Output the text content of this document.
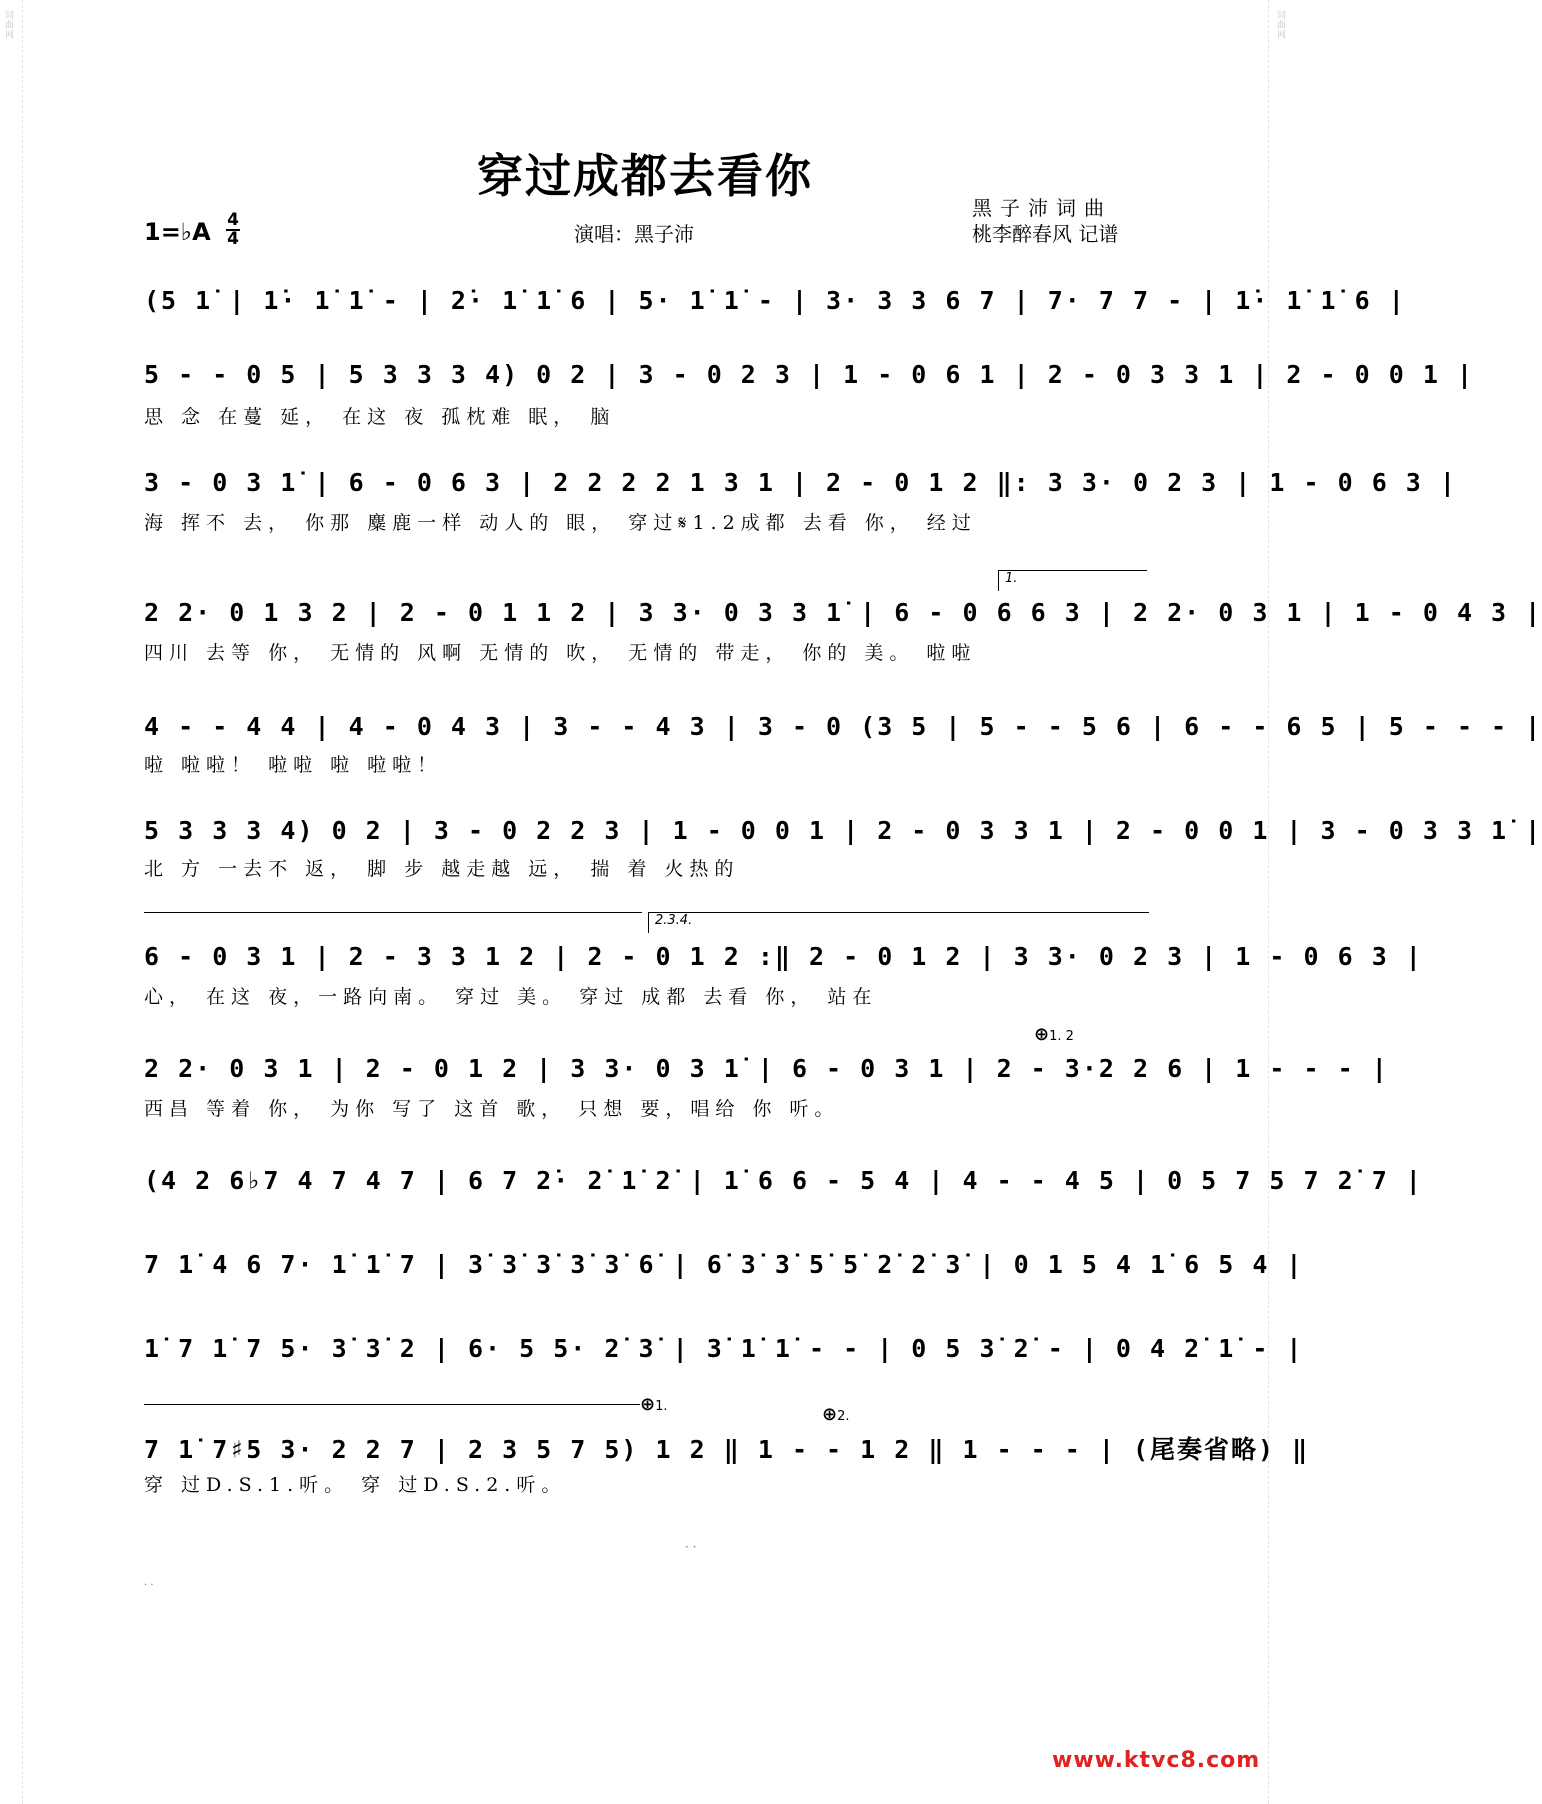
词曲网	词曲网
穿过成都去看你
1=♭A 4
4	演唱：黑子沛
黑子沛词曲
桃李醉春风 记谱
(5 1̇ | 1̇· 1̇ 1̇ - | 2̇· 1̇ 1̇ 6 | 5· 1̇ 1̇ - | 3· 3 3 6 7 | 7· 7 7 - | 1̇· 1̇ 1̇ 6 |
5 - - 0 5 | 5 3 3 3 4) 0 2 | 3 - 0 2 3 | 1 - 0 6 1 | 2 - 0 3 3 1 | 2 - 0 0 1 |
思 念 在蔓 延， 在这 夜 孤枕难 眠， 脑
3 - 0 3 1̇ | 6 - 0 6 3 | 2 2 2 2 1 3 1 | 2 - 0 1 2 ‖: 3 3· 0 2 3 | 1 - 0 6 3 |
海 挥不 去， 你那 麋鹿一样 动人的 眼， 穿过𝄋1.2成都 去看 你， 经过
1.
2 2· 0 1 3 2 | 2 - 0 1 1 2 | 3 3· 0 3 3 1̇ | 6 - 0 6 6 3 | 2 2· 0 3 1 | 1 - 0 4 3 |
四川 去等 你， 无情的 风啊 无情的 吹， 无情的 带走， 你的 美。 啦啦
4 - - 4 4 | 4 - 0 4 3 | 3 - - 4 3 | 3 - 0 (3 5 | 5 - - 5 6 | 6 - - 6 5 | 5 - - - |
啦 啦啦！ 啦啦 啦 啦啦！
5 3 3 3 4) 0 2 | 3 - 0 2 2 3 | 1 - 0 0 1 | 2 - 0 3 3 1 | 2 - 0 0 1 | 3 - 0 3 3 1̇ |
北 方 一去不 返， 脚 步 越走越 远， 揣 着 火热的
2.3.4.
6 - 0 3 1 | 2 - 3 3 1 2 | 2 - 0 1 2 :‖ 2 - 0 1 2 | 3 3· 0 2 3 | 1 - 0 6 3 |
心， 在这 夜，一路向南。 穿过 美。 穿过 成都 去看 你， 站在
⊕1. 2
2 2· 0 3 1 | 2 - 0 1 2 | 3 3· 0 3 1̇ | 6 - 0 3 1 | 2 - 3·2 2 6 | 1 - - - |
西昌 等着 你， 为你 写了 这首 歌， 只想 要，唱给 你 听。
(4 2 6♭7 4 7 4 7 | 6 7 2̇· 2̇ 1̇ 2̇ | 1̇ 6 6 - 5 4 | 4 - - 4 5 | 0 5 7 5 7 2̇ 7 |
7 1̇ 4 6 7· 1̇ 1̇ 7 | 3̇ 3̇ 3̇ 3̇ 3̇ 6̇ | 6̇ 3̇ 3̇ 5̇ 5̇ 2̇ 2̇ 3̇ | 0 1 5 4 1̇ 6 5 4 |
1̇ 7 1̇ 7 5· 3̇ 3̇ 2 | 6· 5 5· 2̇ 3̇ | 3̇ 1̇ 1̇ - - | 0 5 3̇ 2̇ - | 0 4 2̇ 1̇ - |
⊕1.	⊕2.
7 1̇ 7♯5 3· 2 2 7 | 2 3 5 7 5) 1 2 ‖ 1 - - 1 2 ‖ 1 - - - | (尾奏省略) ‖
穿 过D.S.1.听。 穿 过D.S.2.听。
· ·
· ·
www.ktvc8.com
